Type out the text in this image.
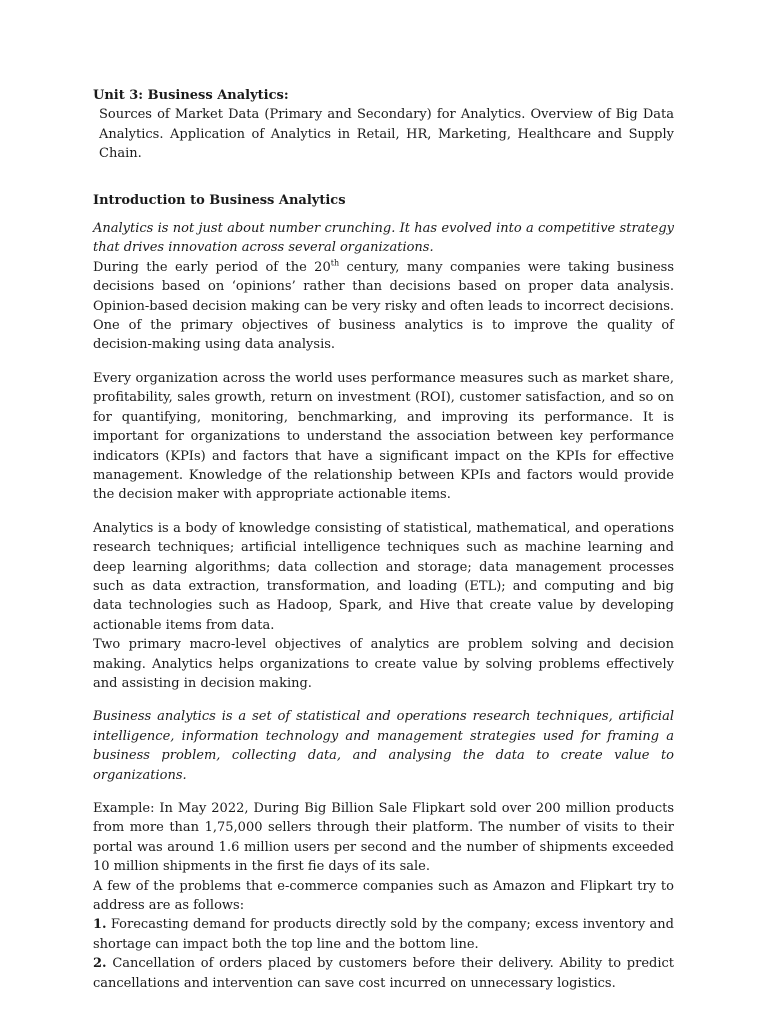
Unit 3: Business Analytics:

Sources of Market Data (Primary and Secondary) for Analytics. Overview of Big Data Analytics. Application of Analytics in Retail, HR, Marketing, Healthcare and Supply Chain.

Introduction to Business Analytics

Analytics is not just about number crunching. It has evolved into a competitive strategy that drives innovation across several organizations.

During the early period of the 20th century, many companies were taking business decisions based on ‘opinions’ rather than decisions based on proper data analysis. Opinion-based decision making can be very risky and often leads to incorrect decisions. One of the primary objectives of business analytics is to improve the quality of decision-making using data analysis.

Every organization across the world uses performance measures such as market share, profitability, sales growth, return on investment (ROI), customer satisfaction, and so on for quantifying, monitoring, benchmarking, and improving its performance. It is important for organizations to understand the association between key performance indicators (KPIs) and factors that have a significant impact on the KPIs for effective management. Knowledge of the relationship between KPIs and factors would provide the decision maker with appropriate actionable items.

Analytics is a body of knowledge consisting of statistical, mathematical, and operations research techniques; artificial intelligence techniques such as machine learning and deep learning algorithms; data collection and storage; data management processes such as data extraction, transformation, and loading (ETL); and computing and big data technologies such as Hadoop, Spark, and Hive that create value by developing actionable items from data.

Two primary macro-level objectives of analytics are problem solving and decision making. Analytics helps organizations to create value by solving problems effectively and assisting in decision making.

Business analytics is a set of statistical and operations research techniques, artificial intelligence, information technology and management strategies used for framing a business problem, collecting data, and analysing the data to create value to organizations.

Example: In May 2022, During Big Billion Sale Flipkart sold over 200 million products from more than 1,75,000 sellers through their platform. The number of visits to their portal was around 1.6 million users per second and the number of shipments exceeded 10 million shipments in the first fie days of its sale.

A few of the problems that e-commerce companies such as Amazon and Flipkart try to address are as follows:

1. Forecasting demand for products directly sold by the company; excess inventory and shortage can impact both the top line and the bottom line.

2. Cancellation of orders placed by customers before their delivery. Ability to predict cancellations and intervention can save cost incurred on unnecessary logistics.
